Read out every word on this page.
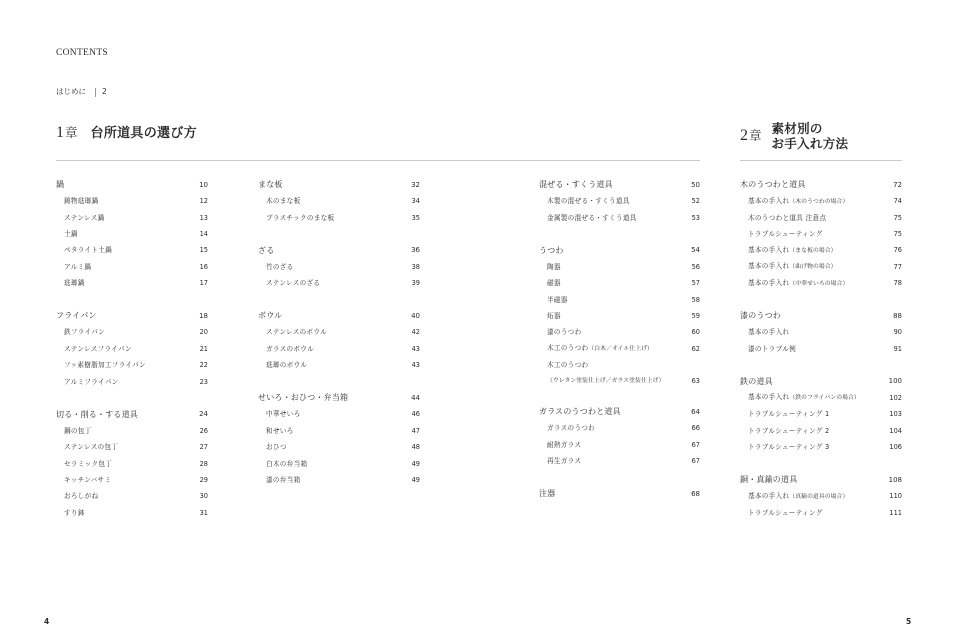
CONTENTS
はじめに 2
1 章 台所道具の選び方	2 章 素材別の
お手入れ方法
鍋	10
鋳物琺瑯鍋	12
ステンレス鍋	13
土鍋	14
ペタライト土鍋	15
アルミ鍋	16
琺瑯鍋	17
フライパン	18
鉄フライパン	20
ステンレスフライパン	21
フッ素樹脂加工フライパン	22
アルミフライパン	23
切る・削る・する道具	24
鋼の包丁	26
ステンレスの包丁	27
セラミック包丁	28
キッチンバサミ	29
おろしがね	30
すり鉢	31
まな板	32
木のまな板	34
プラスチックのまな板	35
ざる	36
竹のざる	38
ステンレスのざる	39
ボウル	40
ステンレスのボウル	42
ガラスのボウル	43
琺瑯のボウル	43
せいろ・おひつ・弁当箱	44
中華せいろ	46
和せいろ	47
おひつ	48
白木の弁当箱	49
漆の弁当箱	49
混ぜる・すくう道具	50
木製の混ぜる・すくう道具	52
金属製の混ぜる・すくう道具	53
うつわ	54
陶器	56
磁器	57
半磁器	58
炻器	59
漆のうつわ	60
木工のうつわ（白木／オイル仕上げ）	62
木工のうつわ
（ウレタン塗装仕上げ／ガラス塗装仕上げ）	63
ガラスのうつわと道具	64
ガラスのうつわ	66
耐熱ガラス	67
再生ガラス	67
注器	68
木のうつわと道具	72
基本の手入れ（木のうつわの場合）	74
木のうつわと道具 注意点	75
トラブルシューティング	75
基本の手入れ（まな板の場合）	76
基本の手入れ（曲げ物の場合）	77
基本の手入れ（中華せいろの場合）	78
漆のうつわ	88
基本の手入れ	90
漆のトラブル例	91
鉄の道具	100
基本の手入れ（鉄のフライパンの場合）	102
トラブルシューティング 1	103
トラブルシューティング 2	104
トラブルシューティング 3	106
銅・真鍮の道具	108
基本の手入れ（真鍮の道具の場合）	110
トラブルシューティング	111
4	5
